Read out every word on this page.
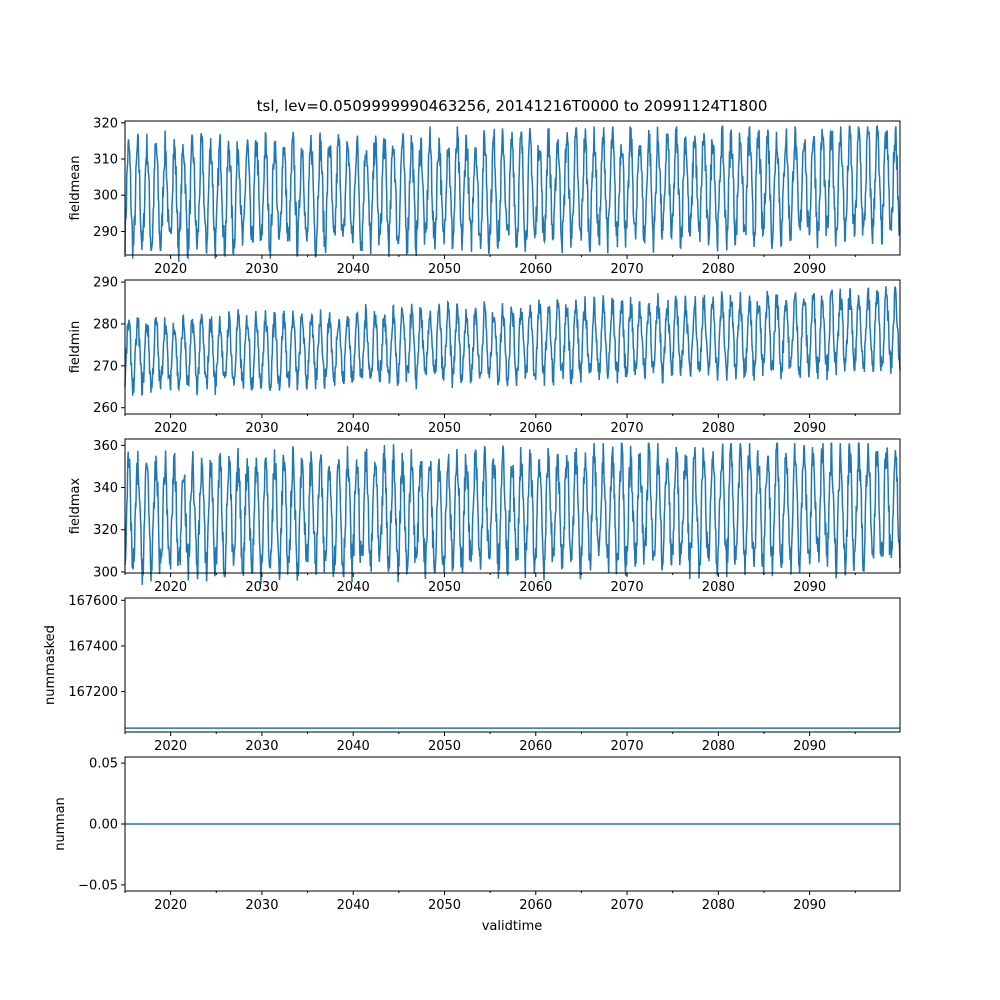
tsl, lev=0.0509999990463256, 20141216T0000 to 20991124T1800
validtime
2020	2030	2040	2050	2060	2070	2080	2090
290
300
310
320
fieldmean
2020	2030	2040	2050	2060	2070	2080	2090
260
270
280
290
fieldmin
2020	2030	2040	2050	2060	2070	2080	2090
300
320
340
360
fieldmax
2020	2030	2040	2050	2060	2070	2080	2090
167200
167400
167600
nummasked
2020	2030	2040	2050	2060	2070	2080	2090
−0.05
0.00
0.05
numnan
